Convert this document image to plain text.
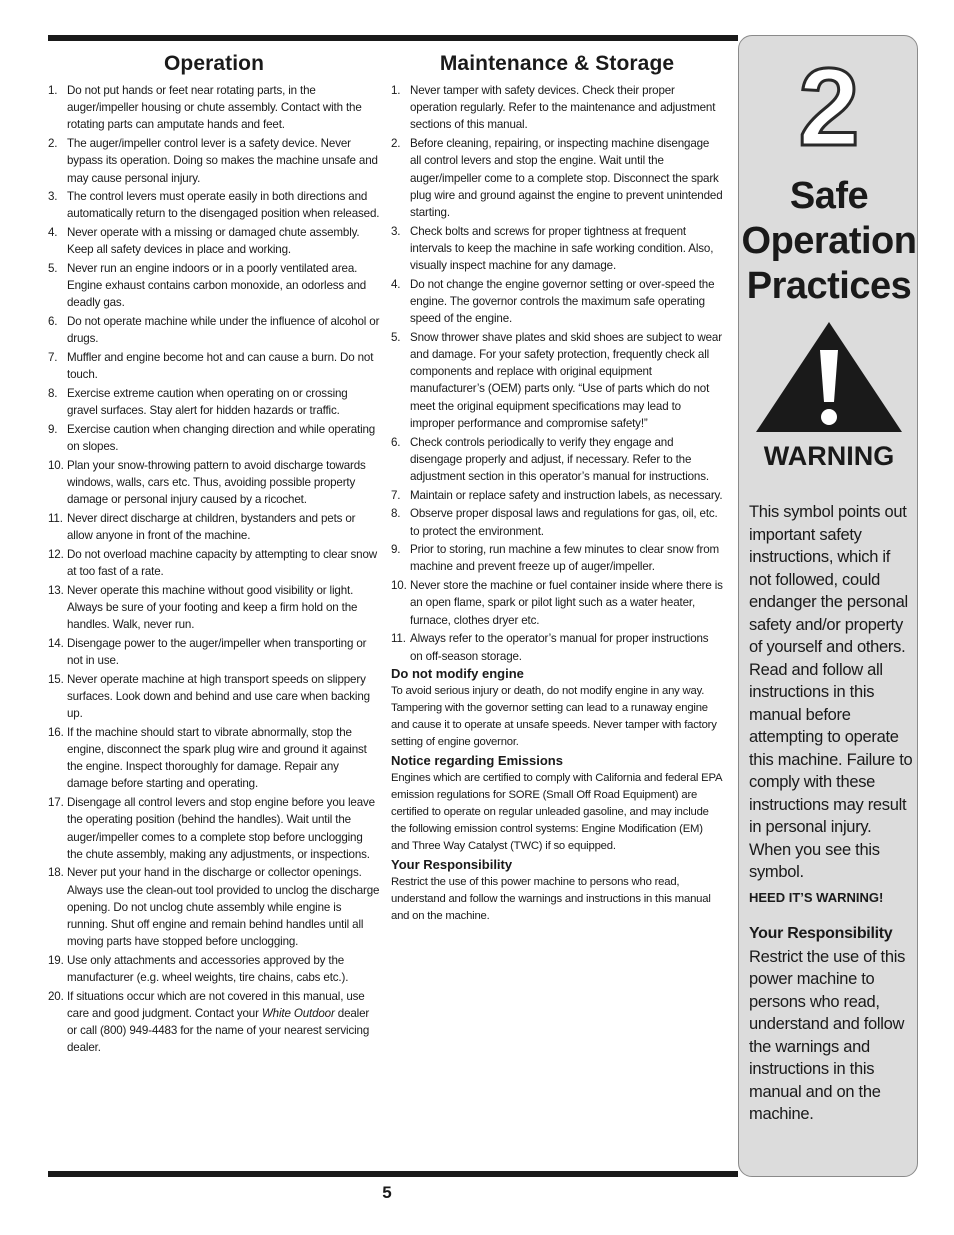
Operation
1. Do not put hands or feet near rotating parts, in the auger/impeller housing or chute assembly. Contact with the rotating parts can amputate hands and feet.
2. The auger/impeller control lever is a safety device. Never bypass its operation. Doing so makes the machine unsafe and may cause personal injury.
3. The control levers must operate easily in both directions and automatically return to the disengaged position when released.
4. Never operate with a missing or damaged chute assembly. Keep all safety devices in place and working.
5. Never run an engine indoors or in a poorly ventilated area. Engine exhaust contains carbon monoxide, an odorless and deadly gas.
6. Do not operate machine while under the influence of alcohol or drugs.
7. Muffler and engine become hot and can cause a burn. Do not touch.
8. Exercise extreme caution when operating on or crossing gravel surfaces. Stay alert for hidden hazards or traffic.
9. Exercise caution when changing direction and while operating on slopes.
10. Plan your snow-throwing pattern to avoid discharge towards windows, walls, cars etc. Thus, avoiding possible property damage or personal injury caused by a ricochet.
11. Never direct discharge at children, bystanders and pets or allow anyone in front of the machine.
12. Do not overload machine capacity by attempting to clear snow at too fast of a rate.
13. Never operate this machine without good visibility or light. Always be sure of your footing and keep a firm hold on the handles. Walk, never run.
14. Disengage power to the auger/impeller when transporting or not in use.
15. Never operate machine at high transport speeds on slippery surfaces. Look down and behind and use care when backing up.
16. If the machine should start to vibrate abnormally, stop the engine, disconnect the spark plug wire and ground it against the engine. Inspect thoroughly for damage. Repair any damage before starting and operating.
17. Disengage all control levers and stop engine before you leave the operating position (behind the handles). Wait until the auger/impeller comes to a complete stop before unclogging the chute assembly, making any adjustments, or inspections.
18. Never put your hand in the discharge or collector openings. Always use the clean-out tool provided to unclog the discharge opening. Do not unclog chute assembly while engine is running. Shut off engine and remain behind handles until all moving parts have stopped before unclogging.
19. Use only attachments and accessories approved by the manufacturer (e.g. wheel weights, tire chains, cabs etc.).
20. If situations occur which are not covered in this manual, use care and good judgment. Contact your White Outdoor dealer or call (800) 949-4483 for the name of your nearest servicing dealer.
Maintenance & Storage
1. Never tamper with safety devices. Check their proper operation regularly. Refer to the maintenance and adjustment sections of this manual.
2. Before cleaning, repairing, or inspecting machine disengage all control levers and stop the engine. Wait until the auger/impeller come to a complete stop. Disconnect the spark plug wire and ground against the engine to prevent unintended starting.
3. Check bolts and screws for proper tightness at frequent intervals to keep the machine in safe working condition. Also, visually inspect machine for any damage.
4. Do not change the engine governor setting or over-speed the engine. The governor controls the maximum safe operating speed of the engine.
5. Snow thrower shave plates and skid shoes are subject to wear and damage. For your safety protection, frequently check all components and replace with original equipment manufacturer’s (OEM) parts only. “Use of parts which do not meet the original equipment specifications may lead to improper performance and compromise safety!”
6. Check controls periodically to verify they engage and disengage properly and adjust, if necessary. Refer to the adjustment section in this operator’s manual for instructions.
7. Maintain or replace safety and instruction labels, as necessary.
8. Observe proper disposal laws and regulations for gas, oil, etc. to protect the environment.
9. Prior to storing, run machine a few minutes to clear snow from machine and prevent freeze up of auger/impeller.
10. Never store the machine or fuel container inside where there is an open flame, spark or pilot light such as a water heater, furnace, clothes dryer etc.
11. Always refer to the operator’s manual for proper instructions on off-season storage.
Do not modify engine

To avoid serious injury or death, do not modify engine in any way. Tampering with the governor setting can lead to a runaway engine and cause it to operate at unsafe speeds. Never tamper with factory setting of engine governor.

Notice regarding Emissions

Engines which are certified to comply with California and federal EPA emission regulations for SORE (Small Off Road Equipment) are certified to operate on regular unleaded gasoline, and may include the following emission control systems: Engine Modification (EM) and Three Way Catalyst (TWC) if so equipped.

Your Responsibility

Restrict the use of this power machine to persons who read, understand and follow the warnings and instructions in this manual and on the machine.

2
Safe
Operation
Practices
WARNING
This symbol points out important safety instructions, which if not followed, could endanger the personal safety and/or property of yourself and others. Read and follow all instructions in this manual before attempting to operate this machine. Failure to comply with these instructions may result in personal injury. When you see this symbol.
HEED IT’S WARNING!
Your Responsibility
Restrict the use of this power machine to persons who read, understand and follow the warnings and instructions in this manual and on the machine.
5
